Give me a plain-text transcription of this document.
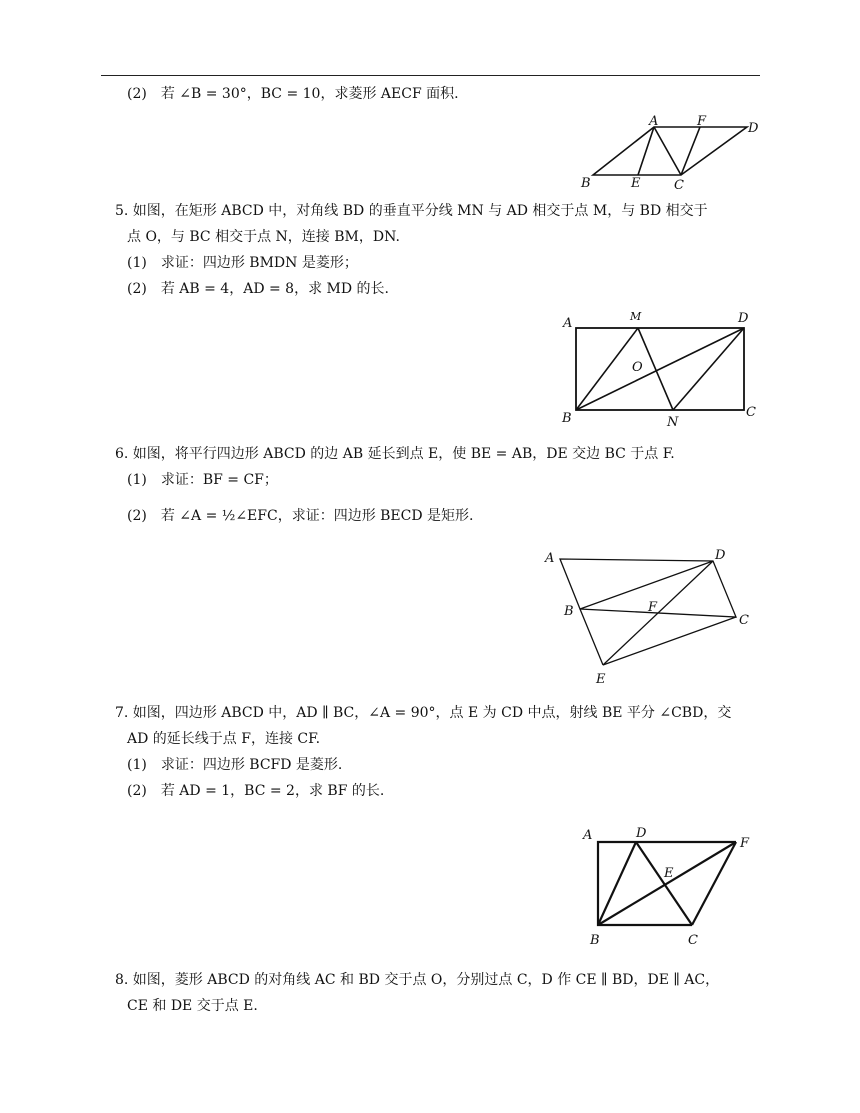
(2)　若 ∠B = 30°，BC = 10，求菱形 AECF 面积.
A	F	D
B	E	C
5. 如图，在矩形 ABCD 中，对角线 BD 的垂直平分线 MN 与 AD 相交于点 M，与 BD 相交于
点 O，与 BC 相交于点 N，连接 BM，DN.
(1)　求证：四边形 BMDN 是菱形；
(2)　若 AB = 4，AD = 8，求 MD 的长.
A	M	D
O
B	N
C
6. 如图，将平行四边形 ABCD 的边 AB 延长到点 E，使 BE = AB，DE 交边 BC 于点 F.
(1)　求证：BF = CF；
(2)　若 ∠A = ½∠EFC，求证：四边形 BECD 是矩形.
A	D
F
B
C
E
7. 如图，四边形 ABCD 中，AD ∥ BC，∠A = 90°，点 E 为 CD 中点，射线 BE 平分 ∠CBD，交
AD 的延长线于点 F，连接 CF.
(1)　求证：四边形 BCFD 是菱形.
(2)　若 AD = 1，BC = 2，求 BF 的长.
A	D
F
E
B	C
8. 如图，菱形 ABCD 的对角线 AC 和 BD 交于点 O，分别过点 C，D 作 CE ∥ BD，DE ∥ AC，
CE 和 DE 交于点 E.
